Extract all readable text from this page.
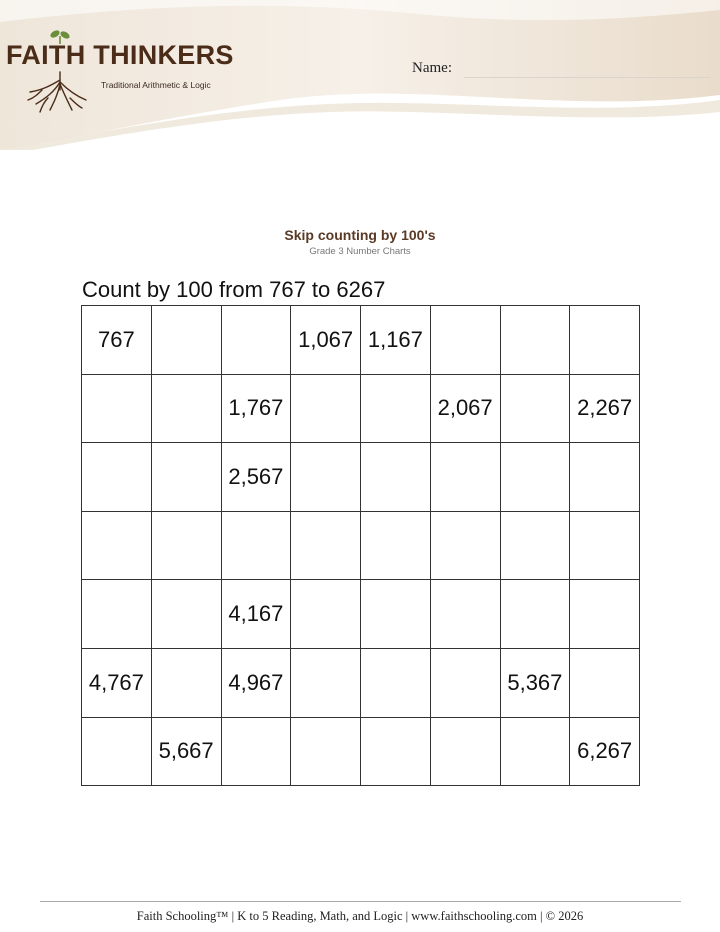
FAITH THINKERS
Traditional Arithmetic & Logic
Name:
Skip counting by 100's
Grade 3 Number Charts
Count by 100 from 767 to 6267
767			1,067	1,167			
		1,767			2,067		2,267
		2,567					

		4,167					
4,767		4,967				5,367	
	5,667						6,267
Faith Schooling™ | K to 5 Reading, Math, and Logic | www.faithschooling.com | © 2026
